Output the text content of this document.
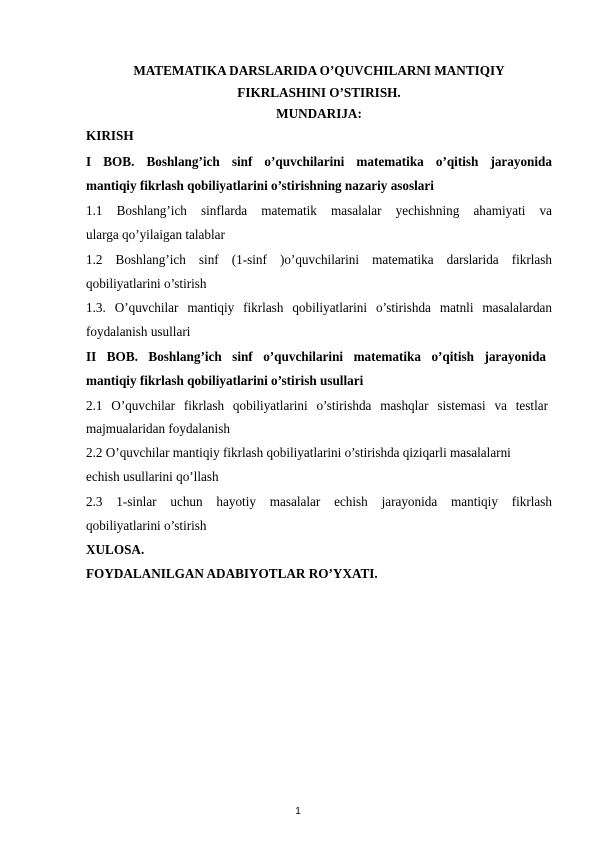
MATEMATIKA DARSLARIDA O’QUVCHILARNI MANTIQIY
FIKRLASHINI O’STIRISH.
MUNDARIJA:
KIRISH
I BOB. Boshlang’ich sinf o’quvchilarini matematika o’qitish jarayonida
mantiqiy fikrlash qobiliyatlarini o’stirishning nazariy asoslari
1.1 Boshlang’ich sinflarda matematik masalalar yechishning ahamiyati va
ularga qo’yilaigan talablar
1.2 Boshlang’ich sinf (1-sinf )o’quvchilarini matematika darslarida fikrlash
qobiliyatlarini o’stirish
1.3. O’quvchilar mantiqiy fikrlash qobiliyatlarini o’stirishda matnli masalalardan
foydalanish usullari
II BOB. Boshlang’ich sinf o’quvchilarini matematika o’qitish jarayonida
mantiqiy fikrlash qobiliyatlarini o’stirish usullari
2.1 O’quvchilar fikrlash qobiliyatlarini o’stirishda mashqlar sistemasi va testlar
majmualaridan foydalanish
2.2 O’quvchilar mantiqiy fikrlash qobiliyatlarini o’stirishda qiziqarli masalalarni
echish usullarini qo’llash
2.3 1-sinlar uchun hayotiy masalalar echish jarayonida mantiqiy fikrlash
qobiliyatlarini o’stirish
XULOSA.
FOYDALANILGAN ADABIYOTLAR RO’YXATI.
1
